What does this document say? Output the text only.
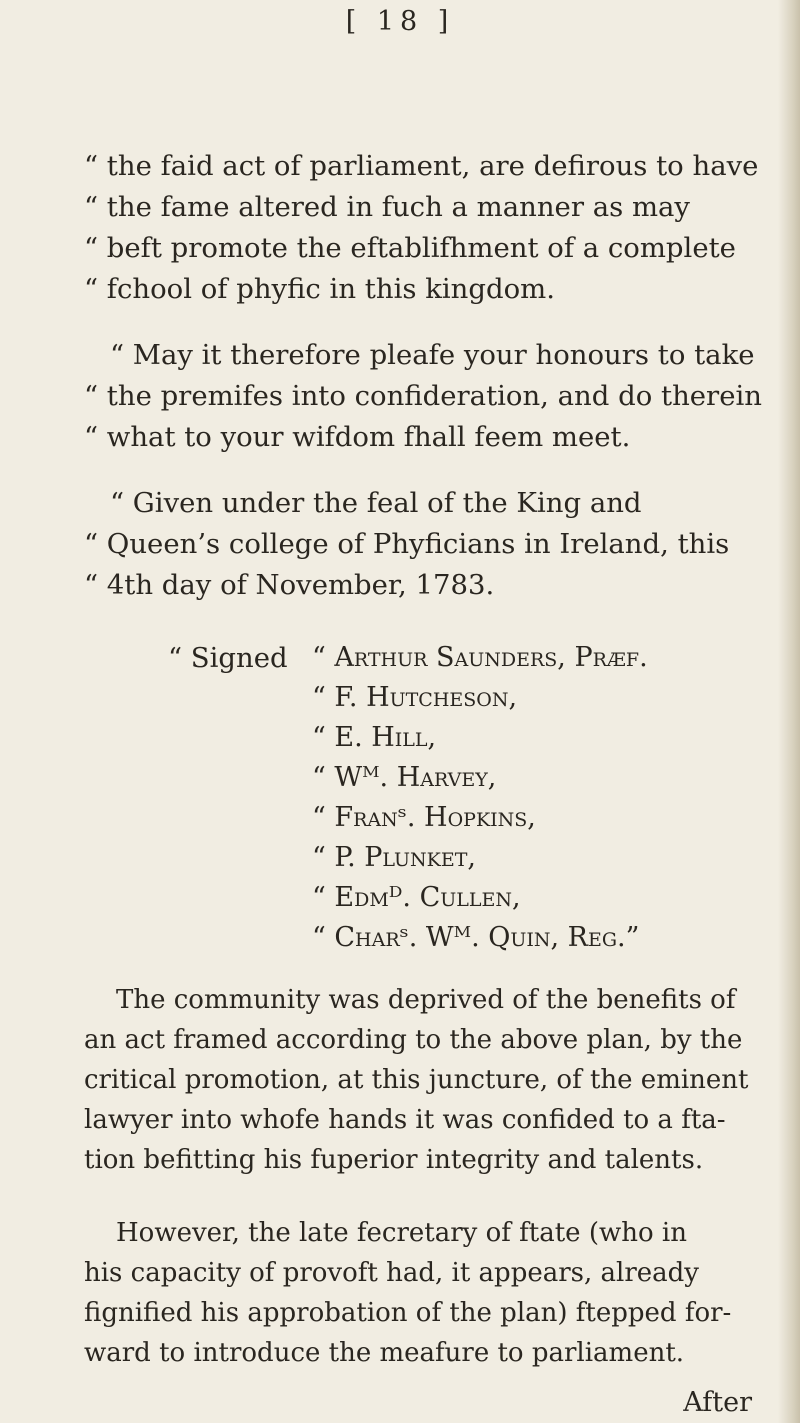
[ 18 ]
“ the faid act of parliament, are defirous to have
“ the fame altered in fuch a manner as may
“ beft promote the eftablifhment of a complete
“ fchool of phyfic in this kingdom.
“ May it therefore pleafe your honours to take
“ the premifes into confideration, and do therein
“ what to your wifdom fhall feem meet.
“ Given under the feal of the King and
“ Queen’s college of Phyficians in Ireland, this
“ 4th day of November, 1783.
“ Signed “ Arthur Saunders, Præf.
“ F. Hutcheson,
“ E. Hill,
“ Wᴹ. Harvey,
“ Franˢ. Hopkins,
“ P. Plunket,
“ Edmᴰ. Cullen,
“ Charˢ. Wᴹ. Quin, Reg.”
The community was deprived of the benefits of
an act framed according to the above plan, by the
critical promotion, at this juncture, of the eminent
lawyer into whofe hands it was confided to a fta-
tion befitting his fuperior integrity and talents.
However, the late fecretary of ftate (who in
his capacity of provoft had, it appears, already
fignified his approbation of the plan) ftepped for-
ward to introduce the meafure to parliament.
After
